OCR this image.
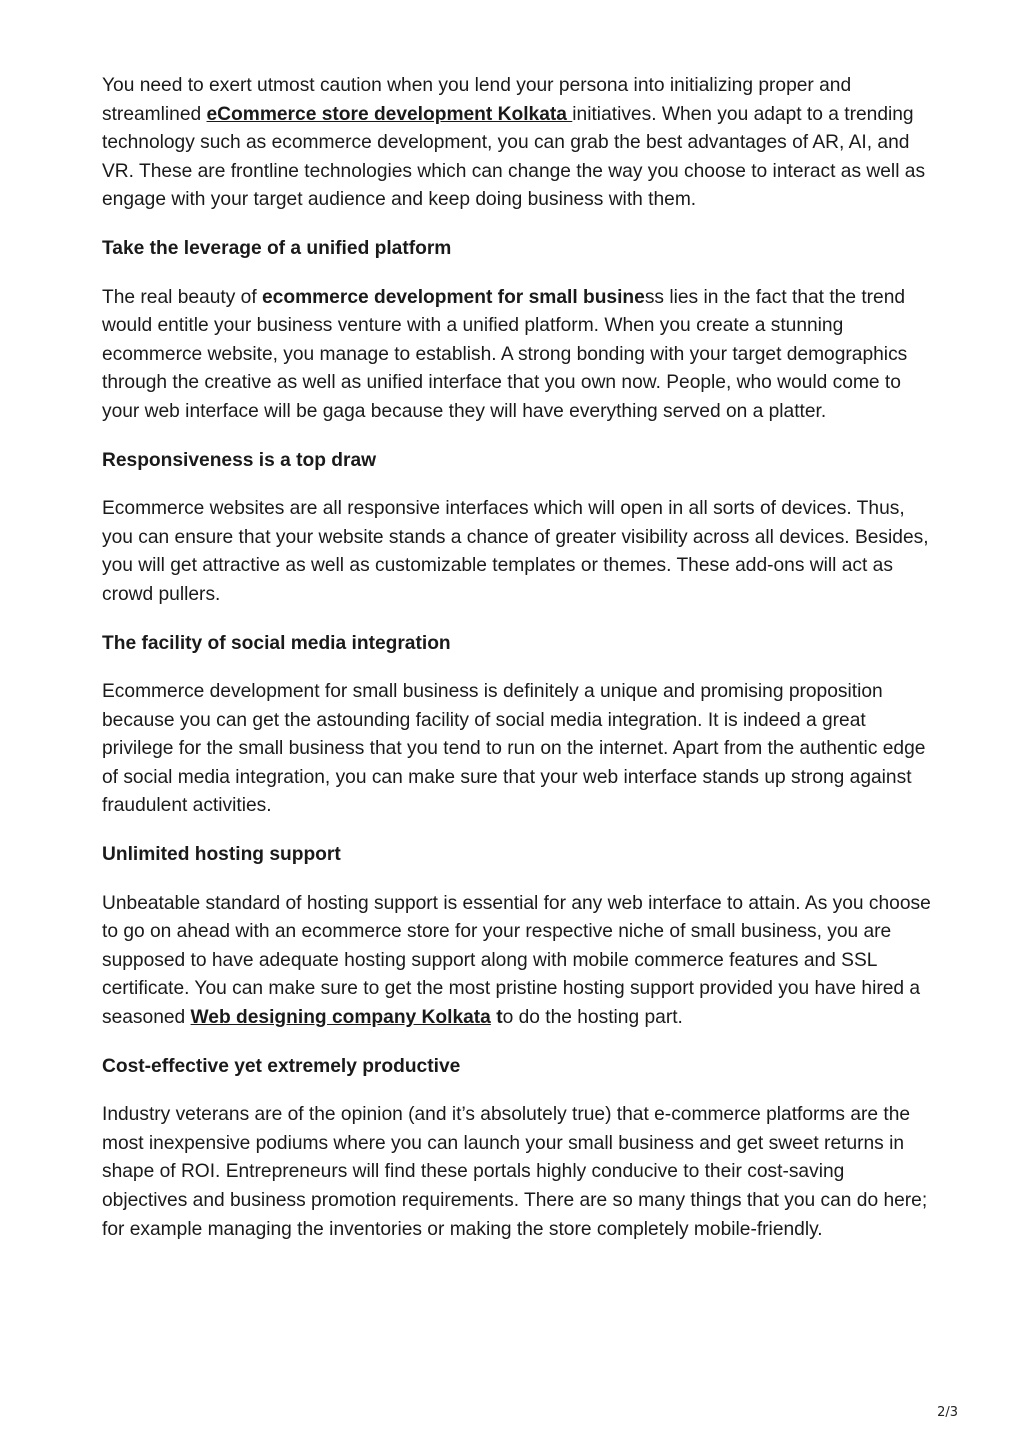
You need to exert utmost caution when you lend your persona into initializing proper and streamlined eCommerce store development Kolkata initiatives. When you adapt to a trending technology such as ecommerce development, you can grab the best advantages of AR, AI, and VR. These are frontline technologies which can change the way you choose to interact as well as engage with your target audience and keep doing business with them.

Take the leverage of a unified platform

The real beauty of ecommerce development for small business lies in the fact that the trend would entitle your business venture with a unified platform. When you create a stunning ecommerce website, you manage to establish. A strong bonding with your target demographics through the creative as well as unified interface that you own now. People, who would come to your web interface will be gaga because they will have everything served on a platter.

Responsiveness is a top draw

Ecommerce websites are all responsive interfaces which will open in all sorts of devices. Thus, you can ensure that your website stands a chance of greater visibility across all devices. Besides, you will get attractive as well as customizable templates or themes. These add-ons will act as crowd pullers.

The facility of social media integration

Ecommerce development for small business is definitely a unique and promising proposition because you can get the astounding facility of social media integration. It is indeed a great privilege for the small business that you tend to run on the internet. Apart from the authentic edge of social media integration, you can make sure that your web interface stands up strong against fraudulent activities.

Unlimited hosting support

Unbeatable standard of hosting support is essential for any web interface to attain. As you choose to go on ahead with an ecommerce store for your respective niche of small business, you are supposed to have adequate hosting support along with mobile commerce features and SSL certificate. You can make sure to get the most pristine hosting support provided you have hired a seasoned Web designing company Kolkata to do the hosting part.

Cost-effective yet extremely productive

Industry veterans are of the opinion (and it’s absolutely true) that e-commerce platforms are the most inexpensive podiums where you can launch your small business and get sweet returns in shape of ROI. Entrepreneurs will find these portals highly conducive to their cost-saving objectives and business promotion requirements. There are so many things that you can do here; for example managing the inventories or making the store completely mobile-friendly.

2/3
